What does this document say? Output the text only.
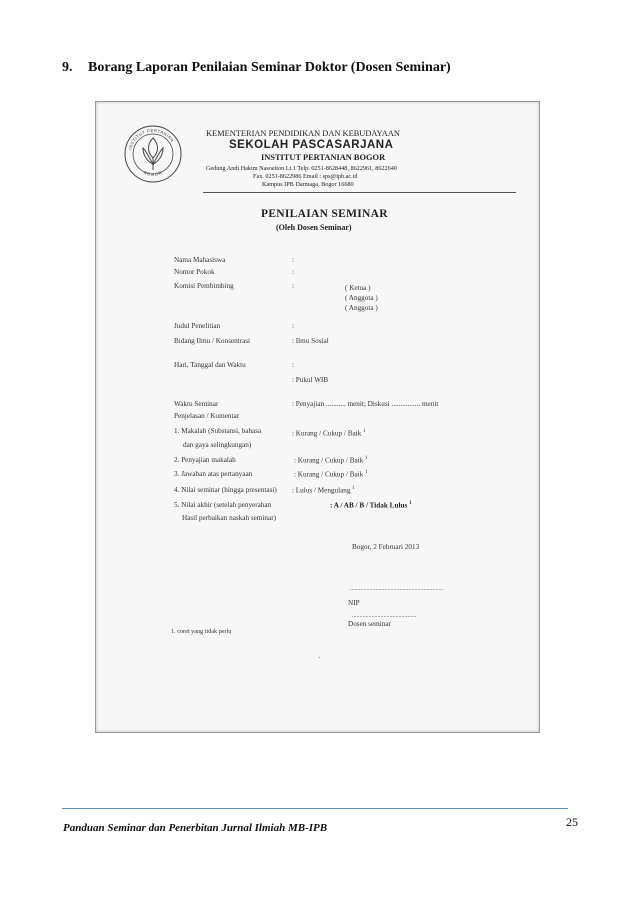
9. Borang Laporan Penilaian Seminar Doktor (Dosen Seminar)
INSTITUT PERTANIAN
BOGOR
KEMENTERIAN PENDIDIKAN DAN KEBUDAYAAN
SEKOLAH PASCASARJANA
INSTITUT PERTANIAN BOGOR
Gedung Andi Hakim Nasoetion Lt.1 Telp. 0251-8628448, 8622961, 8622640
Fax. 0251-8622986 Email : sps@ipb.ac.id
Kampus IPB Darmaga, Bogor 16680
PENILAIAN SEMINAR
(Oleh Dosen Seminar)
Nama Mahasiswa	:
Nomor Pokok	:
Komisi Pembimbing	:	( Ketua )
( Anggota )
( Anggota )
Judul Penelitian	:
Bidang Ilmu / Konsentrasi	: Ilmu Sosial
Hari, Tanggal dan Waktu	:
: Pukul WIB
Waktu Seminar	: Penyajian ........... menit; Diskusi ................ menit
Penjelasan / Komentar
1. Makalah (Substansi, bahasa
dan gaya selingkungan)
: Kurang / Cukup / Baik $^1$
2. Penyajian makalah	: Kurang / Cukup / Baik $^1$
3. Jawaban atas pertanyaan	: Kurang / Cukup / Baik $^1$
4. Nilai seminar (hingga presentasi) : Lulus / Mengulang $^1$
5. Nilai akhir (setelah penyerahan
Hasil perbaikan naskah seminar)
: A / AB / B / Tidak Lulus $^1$
Bogor, 2 Februari 2013
..............................................................
NIP
...........................................
Dosen seminar
1. coret yang tidak perlu
·
Panduan Seminar dan Penerbitan Jurnal Ilmiah MB-IPB	25
